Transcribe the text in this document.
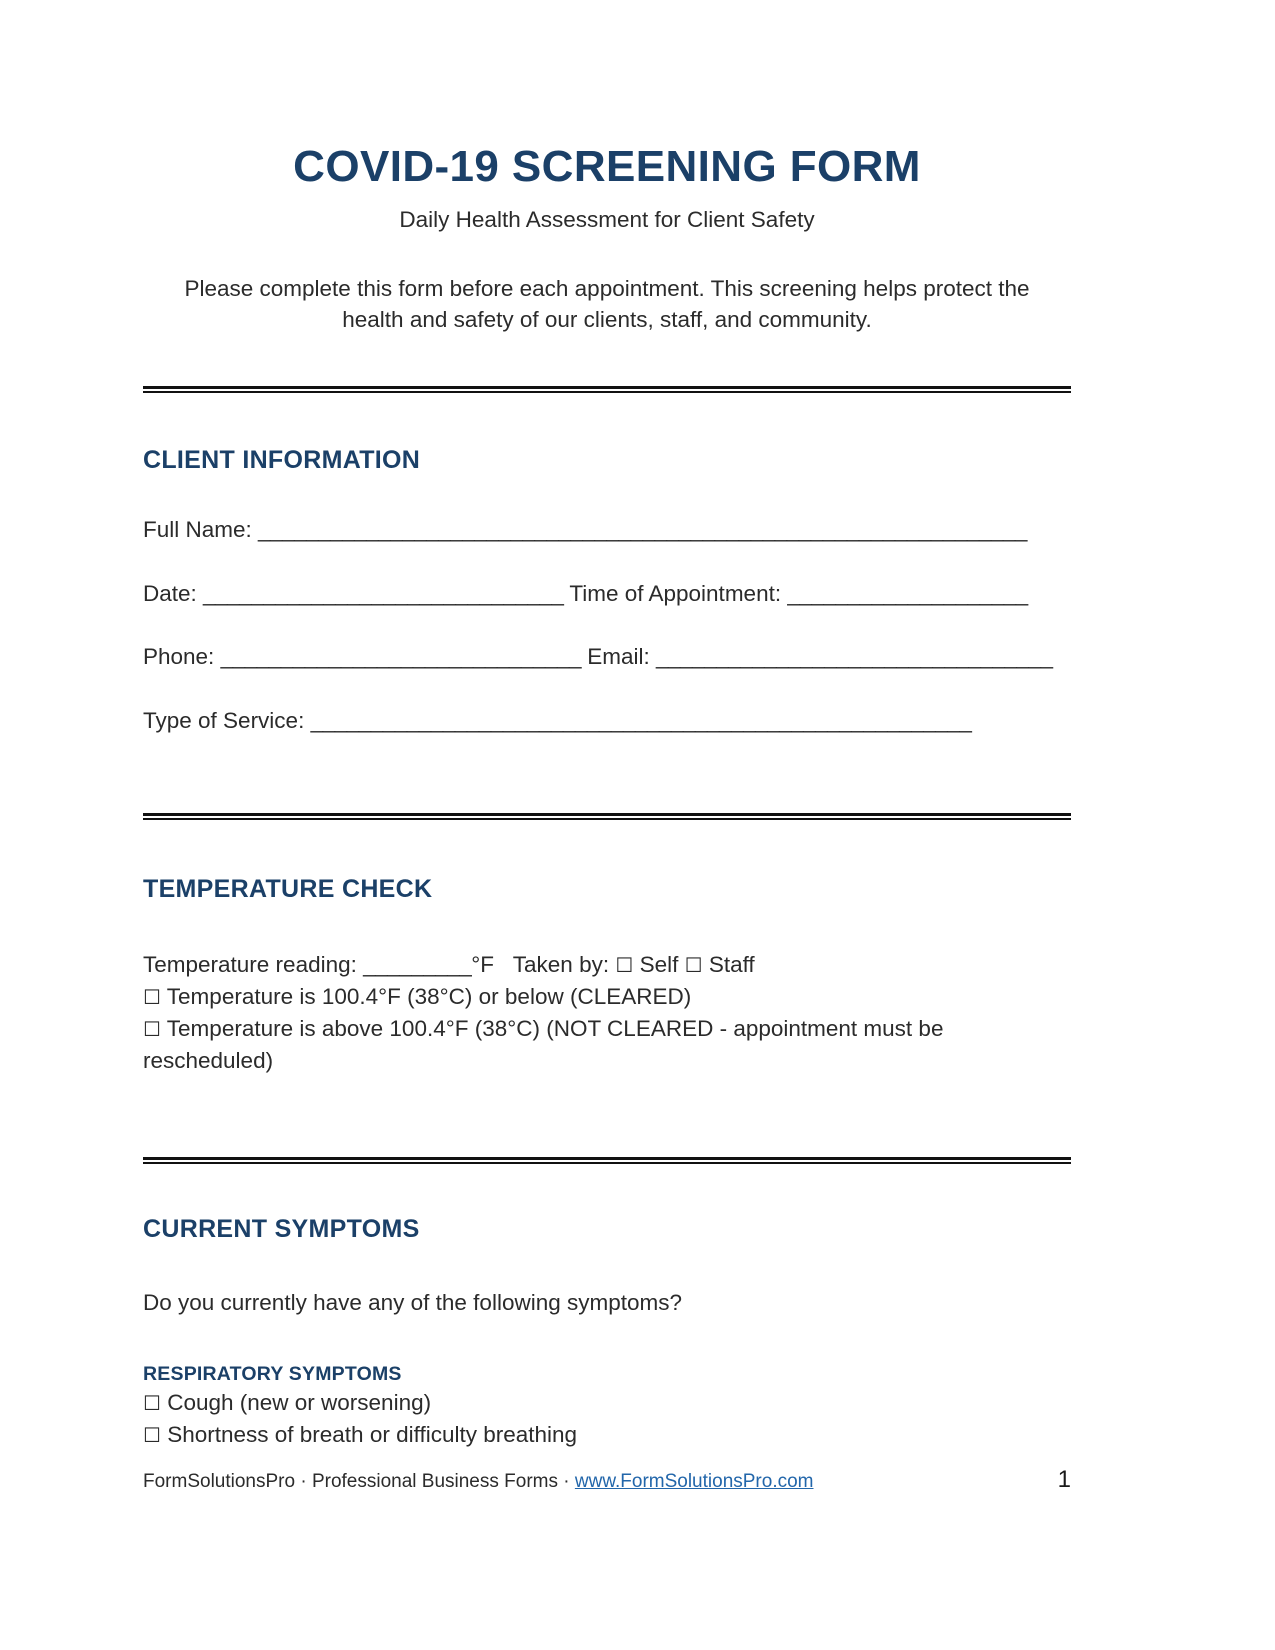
COVID-19 SCREENING FORM
Daily Health Assessment for Client Safety
Please complete this form before each appointment. This screening helps protect the health and safety of our clients, staff, and community.
CLIENT INFORMATION
Full Name: ________________________________________________________________
Date: ______________________________ Time of Appointment: ____________________
Phone: ______________________________ Email: _________________________________
Type of Service: _______________________________________________________
TEMPERATURE CHECK
Temperature reading: _________°F Taken by: ☐ Self ☐ Staff
☐ Temperature is 100.4°F (38°C) or below (CLEARED)
☐ Temperature is above 100.4°F (38°C) (NOT CLEARED - appointment must be rescheduled)
CURRENT SYMPTOMS
Do you currently have any of the following symptoms?
RESPIRATORY SYMPTOMS
☐ Cough (new or worsening)
☐ Shortness of breath or difficulty breathing
FormSolutionsPro · Professional Business Forms · www.FormSolutionsPro.com	1
